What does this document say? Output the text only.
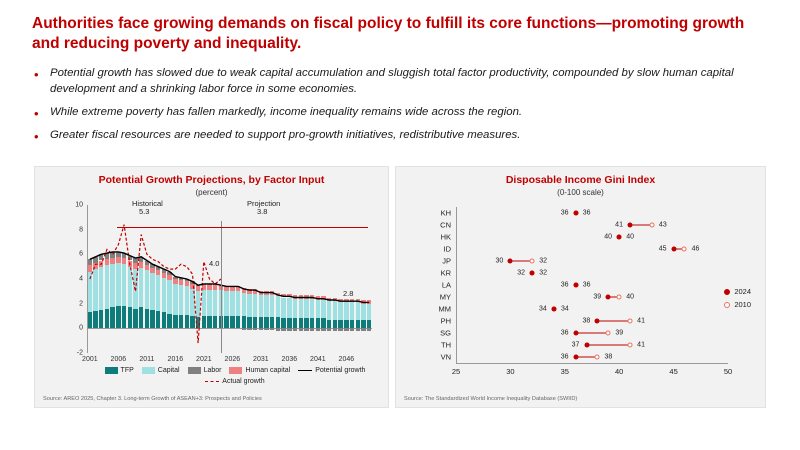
Authorities face growing demands on fiscal policy to fulfill its core functions—promoting growth and reducing poverty and inequality.
•	Potential growth has slowed due to weak capital accumulation and sluggish total factor productivity, compounded by slow human capital development and a shrinking labor force in some economies.
•	While extreme poverty has fallen markedly, income inequality remains wide across the region.
•	Greater fiscal resources are needed to support pro-growth initiatives, redistributive measures.
Potential Growth Projections, by Factor Input
(percent)
-2
0
2
4
6
8
10
2001 2006 2011 2016 2021 2026 2031 2036 2041 2046
Historical
5.3
Projection
3.8
4.0
2.8
TFP	Capital	Labor	Human capital	Potential growth
Actual growth
Source: AREO 2025, Chapter 3. Long-term Growth of ASEAN+3: Prospects and Policies
Disposable Income Gini Index
(0-100 scale)
KH	36 36
CN	41	43
HK	40 40
ID	45	46
JP	30	32
KR	32 32
LA	36 36
MY	39	40
MM	34 34
PH	38	41
SG	36	39
TH	37	41
VN	36	38
25	30	35	40	45	50
2024
2010
Source: The Standardized World Income Inequality Database (SWIID)
